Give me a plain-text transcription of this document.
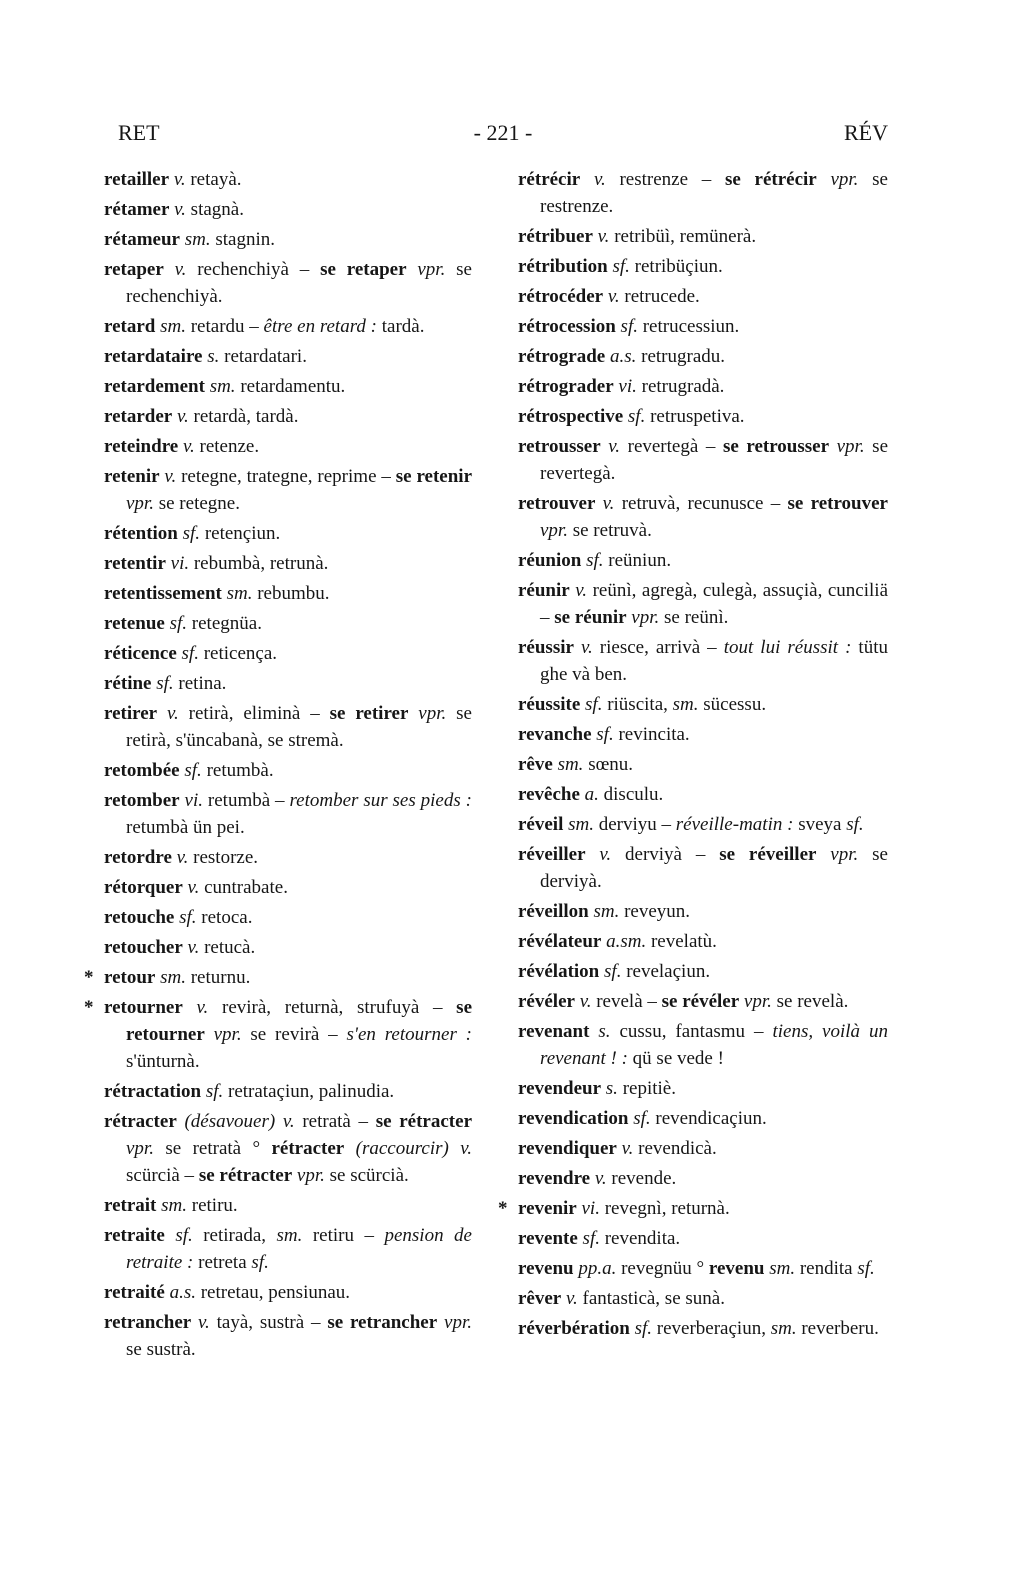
RET	- 221 -	RÉV

retailler v. retayà.

rétamer v. stagnà.

rétameur sm. stagnin.

retaper v. rechenchiyà – se retaper vpr. se rechenchiyà.

retard sm. retardu – être en retard : tardà.

retardataire s. retardatari.

retardement sm. retardamentu.

retarder v. retardà, tardà.

reteindre v. retenze.

retenir v. retegne, trategne, reprime – se retenir vpr. se retegne.

rétention sf. retençiun.

retentir vi. rebumbà, retrunà.

retentissement sm. rebumbu.

retenue sf. retegnüa.

réticence sf. reticença.

rétine sf. retina.

retirer v. retirà, eliminà – se retirer vpr. se retirà, s'üncabanà, se stremà.

retombée sf. retumbà.

retomber vi. retumbà – retomber sur ses pieds : retumbà ün pei.

retordre v. restorze.

rétorquer v. cuntrabate.

retouche sf. retoca.

retoucher v. retucà.

* retour sm. returnu.

* retourner v. revirà, returnà, strufuyà – se retourner vpr. se revirà – s'en retourner : s'ünturnà.

rétractation sf. retrataçiun, palinudia.

rétracter (désavouer) v. retratà – se rétracter vpr. se retratà ° rétracter (raccourcir) v. scürcià – se rétracter vpr. se scürcià.

retrait sm. retiru.

retraite sf. retirada, sm. retiru – pension de retraite : retreta sf.

retraité a.s. retretau, pensiunau.

retrancher v. tayà, sustrà – se retrancher vpr. se sustrà.

rétrécir v. restrenze – se rétrécir vpr. se restrenze.

rétribuer v. retribüì, remünerà.

rétribution sf. retribüçiun.

rétrocéder v. retrucede.

rétrocession sf. retrucessiun.

rétrograde a.s. retrugradu.

rétrograder vi. retrugradà.

rétrospective sf. retruspetiva.

retrousser v. revertegà – se retrousser vpr. se revertegà.

retrouver v. retruvà, recunusce – se retrouver vpr. se retruvà.

réunion sf. reüniun.

réunir v. reünì, agregà, culegà, assuçià, cunciliä – se réunir vpr. se reünì.

réussir v. riesce, arrivà – tout lui réussit : tütu ghe và ben.

réussite sf. riüscita, sm. sücessu.

revanche sf. revincita.

rêve sm. sœnu.

revêche a. disculu.

réveil sm. derviyu – réveille-matin : sveya sf.

réveiller v. derviyà – se réveiller vpr. se derviyà.

réveillon sm. reveyun.

révélateur a.sm. revelatù.

révélation sf. revelaçiun.

révéler v. revelà – se révéler vpr. se revelà.

revenant s. cussu, fantasmu – tiens, voilà un revenant ! : qü se vede !

revendeur s. repitiè.

revendication sf. revendicaçiun.

revendiquer v. revendicà.

revendre v. revende.

* revenir vi. revegnì, returnà.

revente sf. revendita.

revenu pp.a. revegnüu ° revenu sm. rendita sf.

rêver v. fantasticà, se sunà.

réverbération sf. reverberaçiun, sm. reverberu.
